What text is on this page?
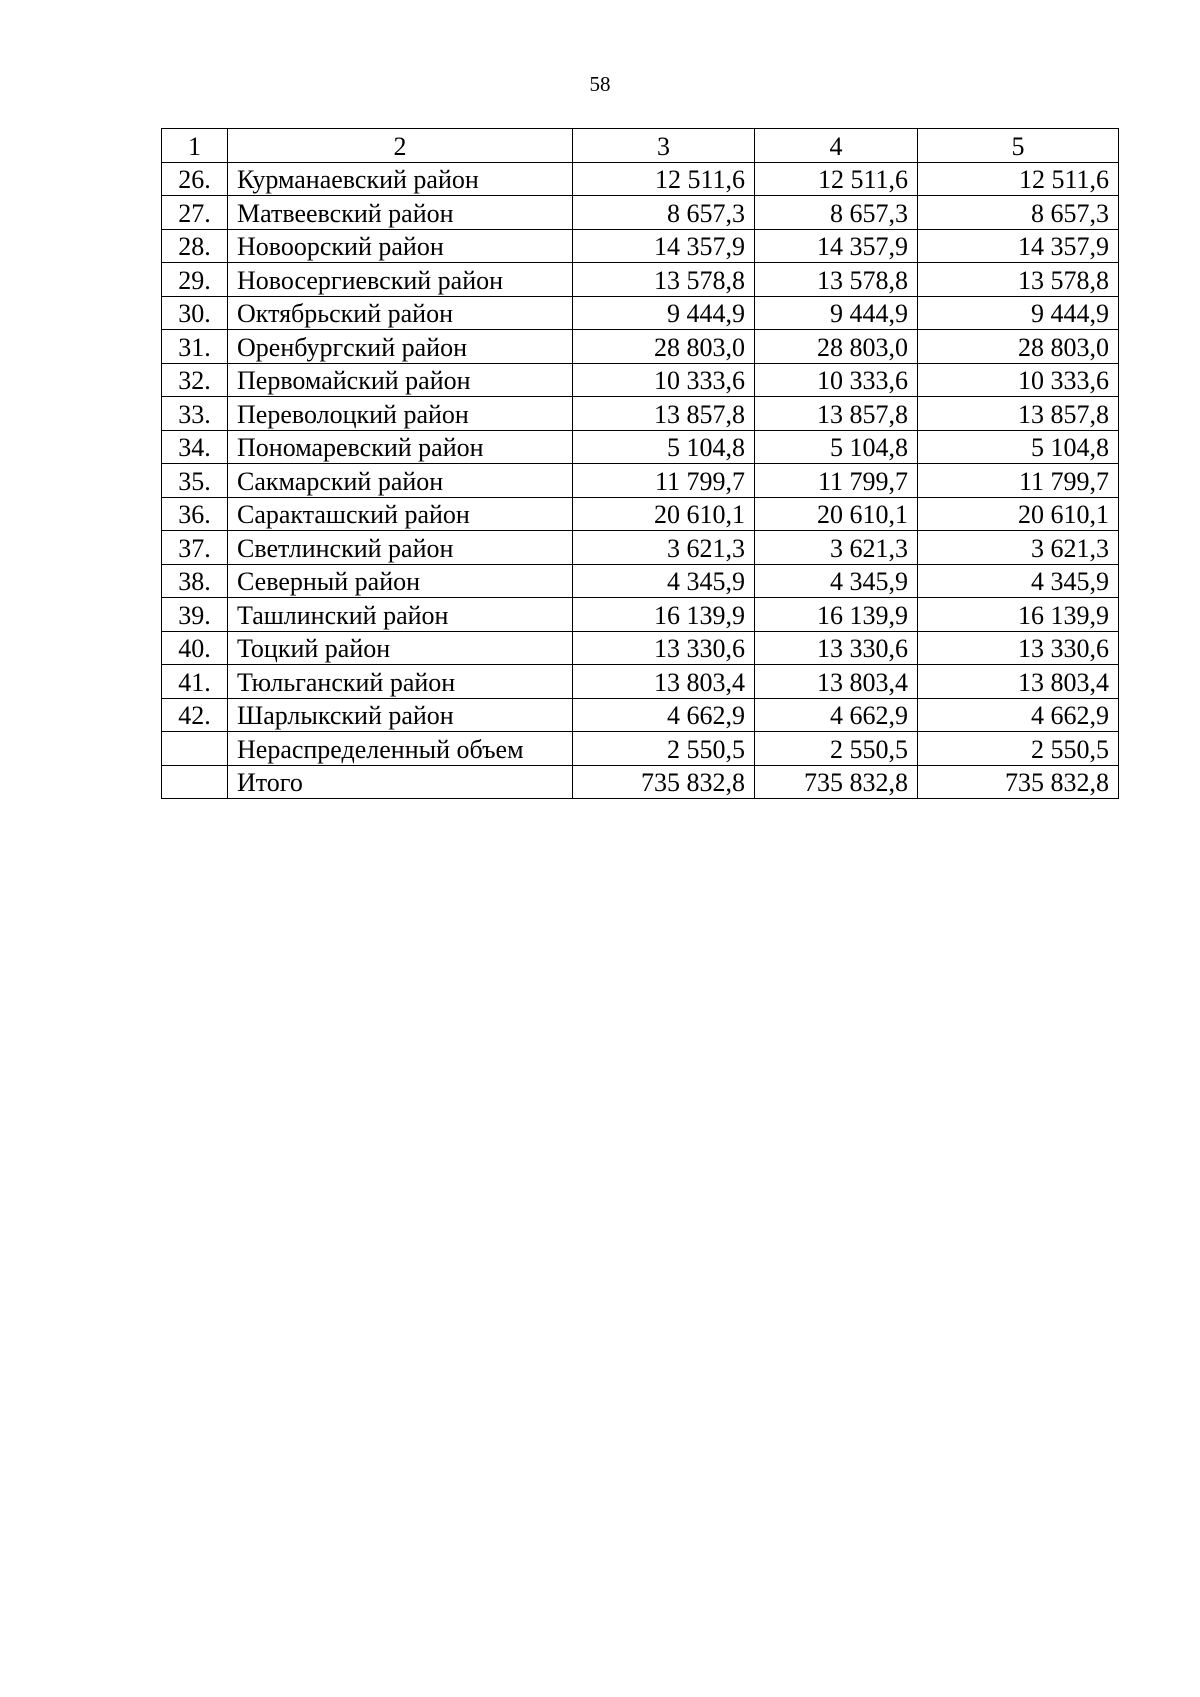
58
1	2	3	4	5
26.	Курманаевский район	12 511,6	12 511,6	12 511,6
27.	Матвеевский район	8 657,3	8 657,3	8 657,3
28.	Новоорский район	14 357,9	14 357,9	14 357,9
29.	Новосергиевский район	13 578,8	13 578,8	13 578,8
30.	Октябрьский район	9 444,9	9 444,9	9 444,9
31.	Оренбургский район	28 803,0	28 803,0	28 803,0
32.	Первомайский район	10 333,6	10 333,6	10 333,6
33.	Переволоцкий район	13 857,8	13 857,8	13 857,8
34.	Пономаревский район	5 104,8	5 104,8	5 104,8
35.	Сакмарский район	11 799,7	11 799,7	11 799,7
36.	Саракташский район	20 610,1	20 610,1	20 610,1
37.	Светлинский район	3 621,3	3 621,3	3 621,3
38.	Северный район	4 345,9	4 345,9	4 345,9
39.	Ташлинский район	16 139,9	16 139,9	16 139,9
40.	Тоцкий район	13 330,6	13 330,6	13 330,6
41.	Тюльганский район	13 803,4	13 803,4	13 803,4
42.	Шарлыкский район	4 662,9	4 662,9	4 662,9
	Нераспределенный объем	2 550,5	2 550,5	2 550,5
	Итого	735 832,8	735 832,8	735 832,8
